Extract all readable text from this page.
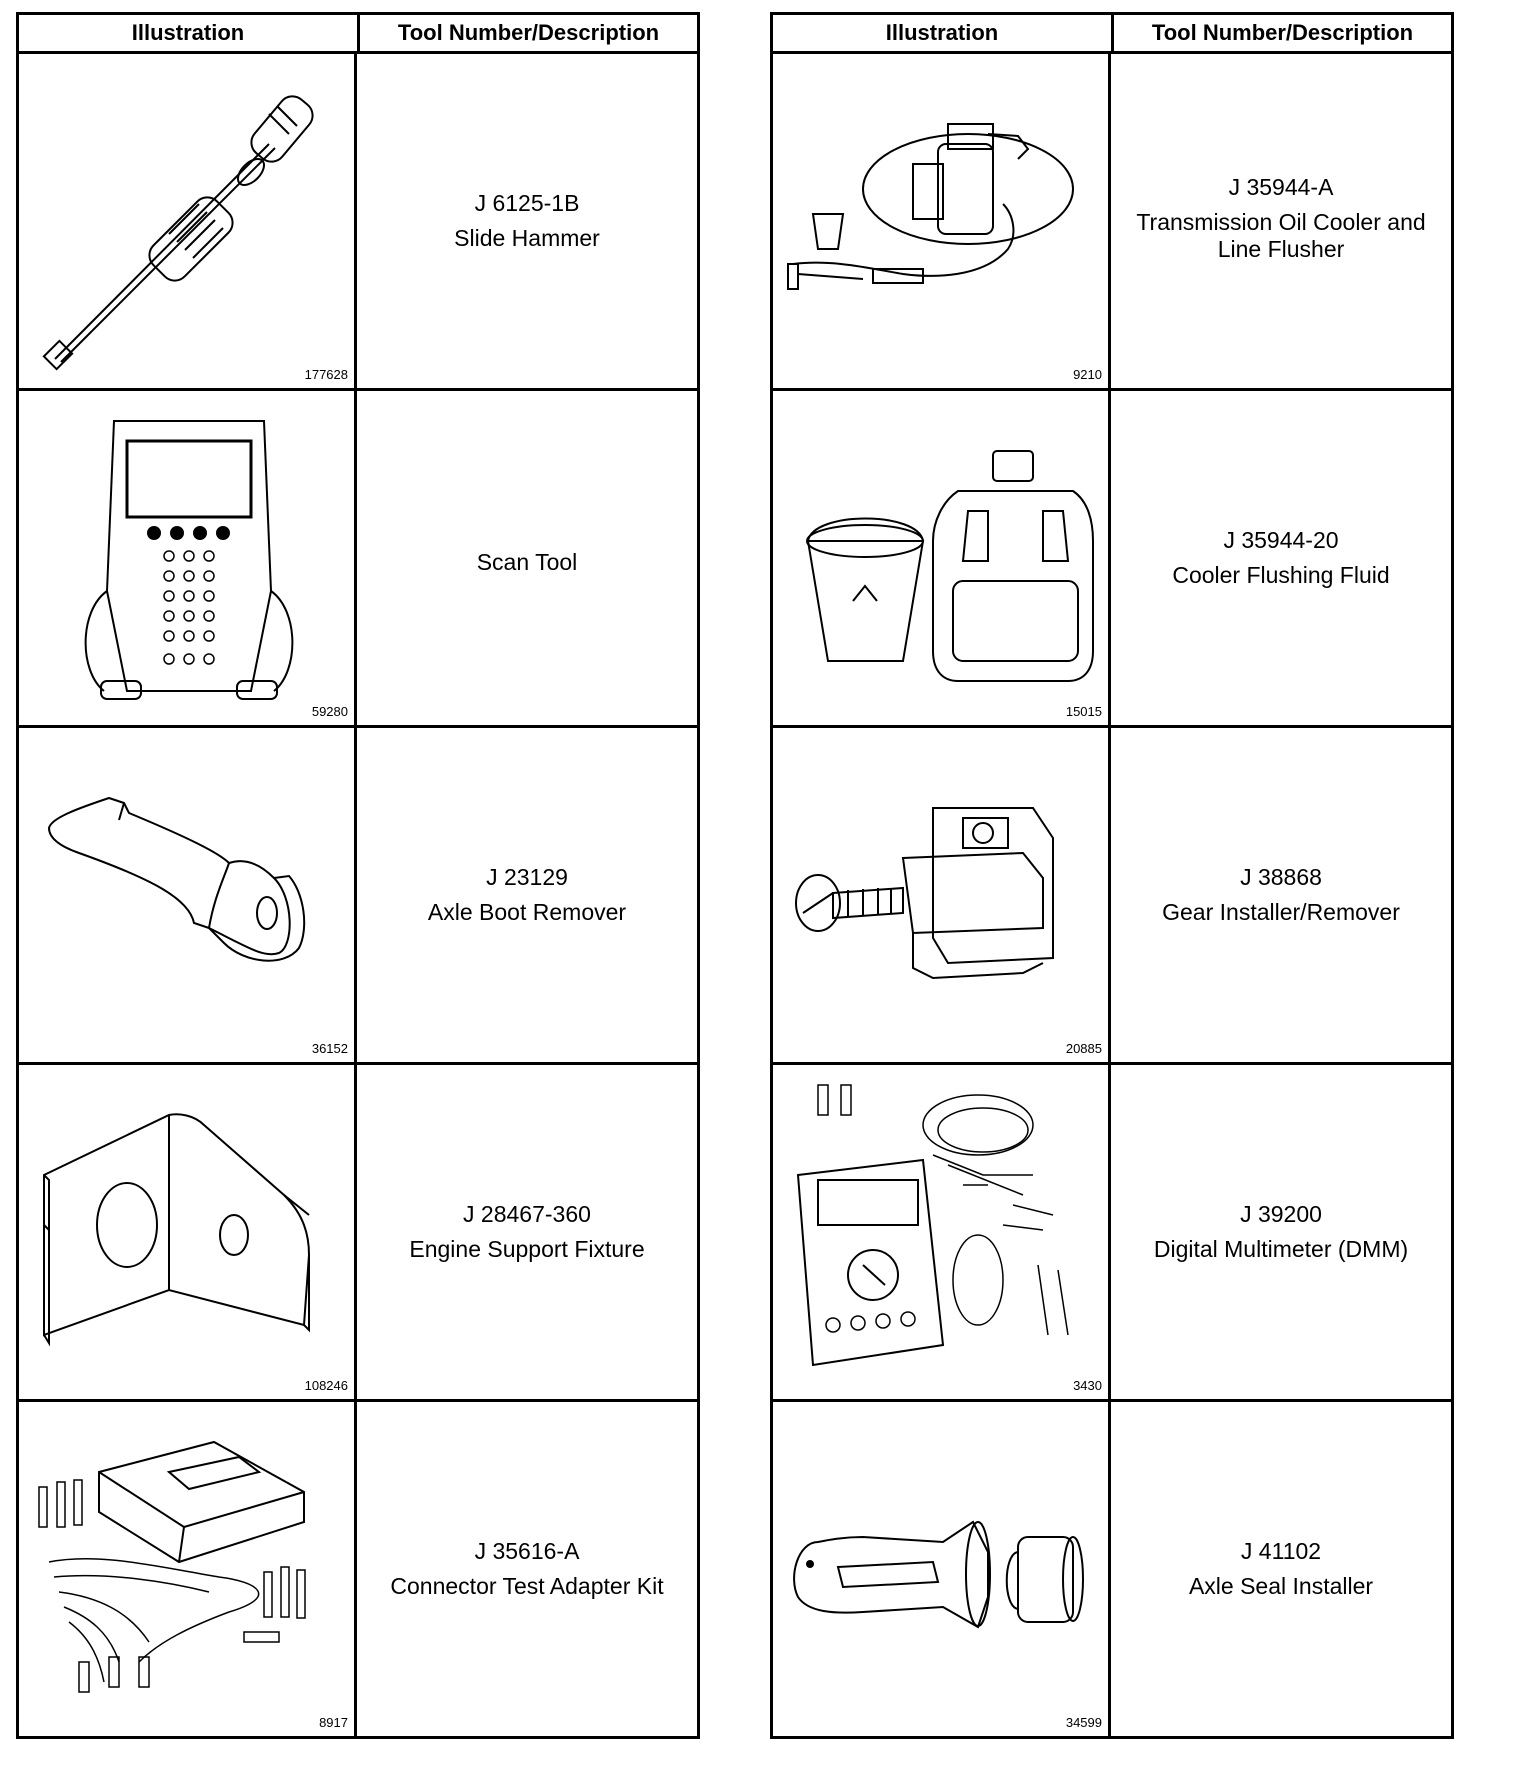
Illustration	Tool Number/Description
177628
J 6125-1B
Slide Hammer
59280
Scan Tool
36152
J 23129
Axle Boot Remover
108246
J 28467-360
Engine Support Fixture
8917
J 35616-A
Connector Test Adapter Kit
Illustration	Tool Number/Description
9210
J 35944-A
Transmission Oil Cooler and Line Flusher
15015
J 35944-20
Cooler Flushing Fluid
20885
J 38868
Gear Installer/Remover
3430
J 39200
Digital Multimeter (DMM)
34599
J 41102
Axle Seal Installer
